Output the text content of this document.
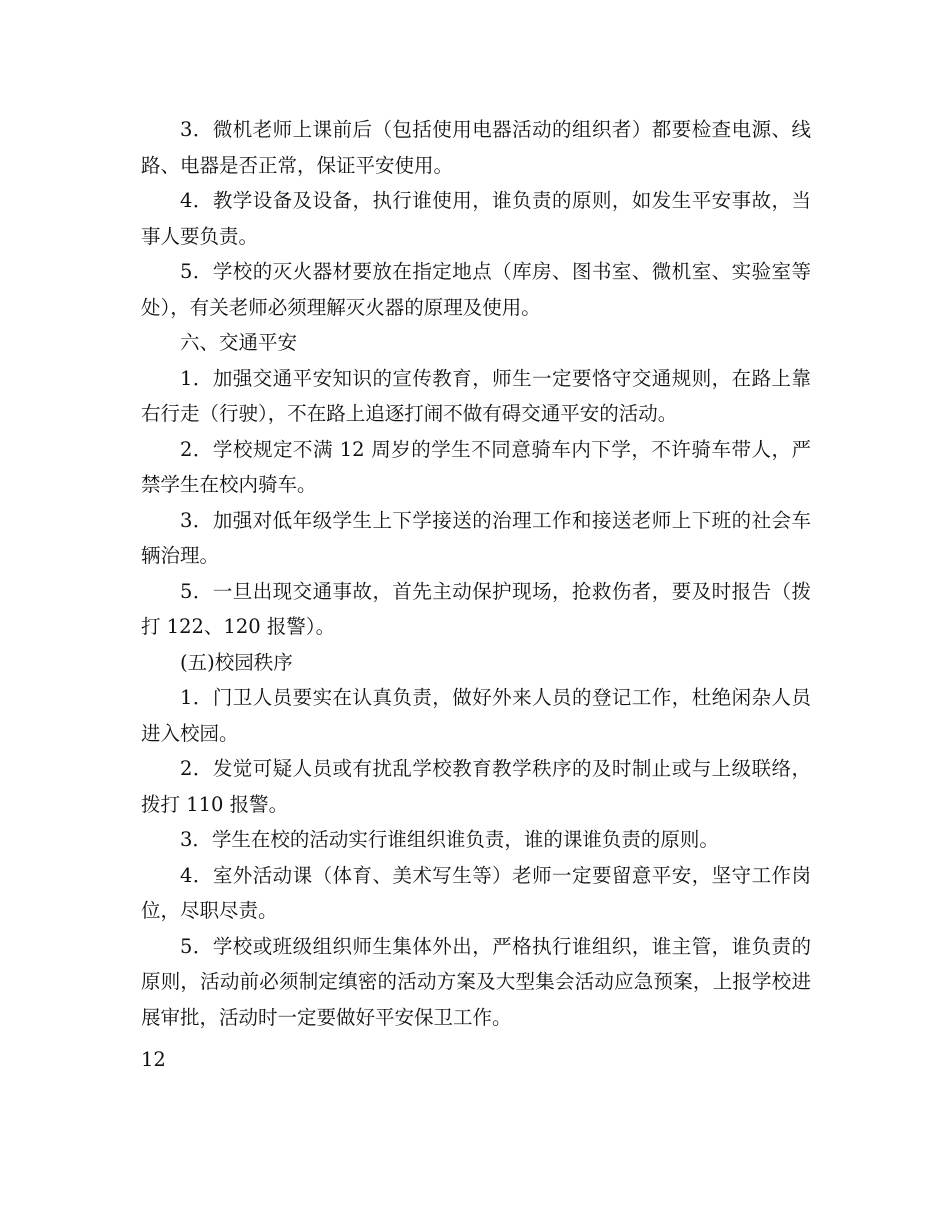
3．微机老师上课前后（包括使用电器活动的组织者）都要检查电源、线路、电器是否正常，保证平安使用。

4．教学设备及设备，执行谁使用，谁负责的原则，如发生平安事故，当事人要负责。

5．学校的灭火器材要放在指定地点（库房、图书室、微机室、实验室等处），有关老师必须理解灭火器的原理及使用。

六、交通平安

1．加强交通平安知识的宣传教育，师生一定要恪守交通规则，在路上靠右行走（行驶），不在路上追逐打闹不做有碍交通平安的活动。

2．学校规定不满 12 周岁的学生不同意骑车内下学，不许骑车带人，严禁学生在校内骑车。

3．加强对低年级学生上下学接送的治理工作和接送老师上下班的社会车辆治理。

5．一旦出现交通事故，首先主动保护现场，抢救伤者，要及时报告（拨打 122、120 报警）。

(五)校园秩序

1．门卫人员要实在认真负责，做好外来人员的登记工作，杜绝闲杂人员进入校园。

2．发觉可疑人员或有扰乱学校教育教学秩序的及时制止或与上级联络，拨打 110 报警。

3．学生在校的活动实行谁组织谁负责，谁的课谁负责的原则。

4．室外活动课（体育、美术写生等）老师一定要留意平安，坚守工作岗位，尽职尽责。

5．学校或班级组织师生集体外出，严格执行谁组织，谁主管，谁负责的原则，活动前必须制定缜密的活动方案及大型集会活动应急预案，上报学校进展审批，活动时一定要做好平安保卫工作。

12
